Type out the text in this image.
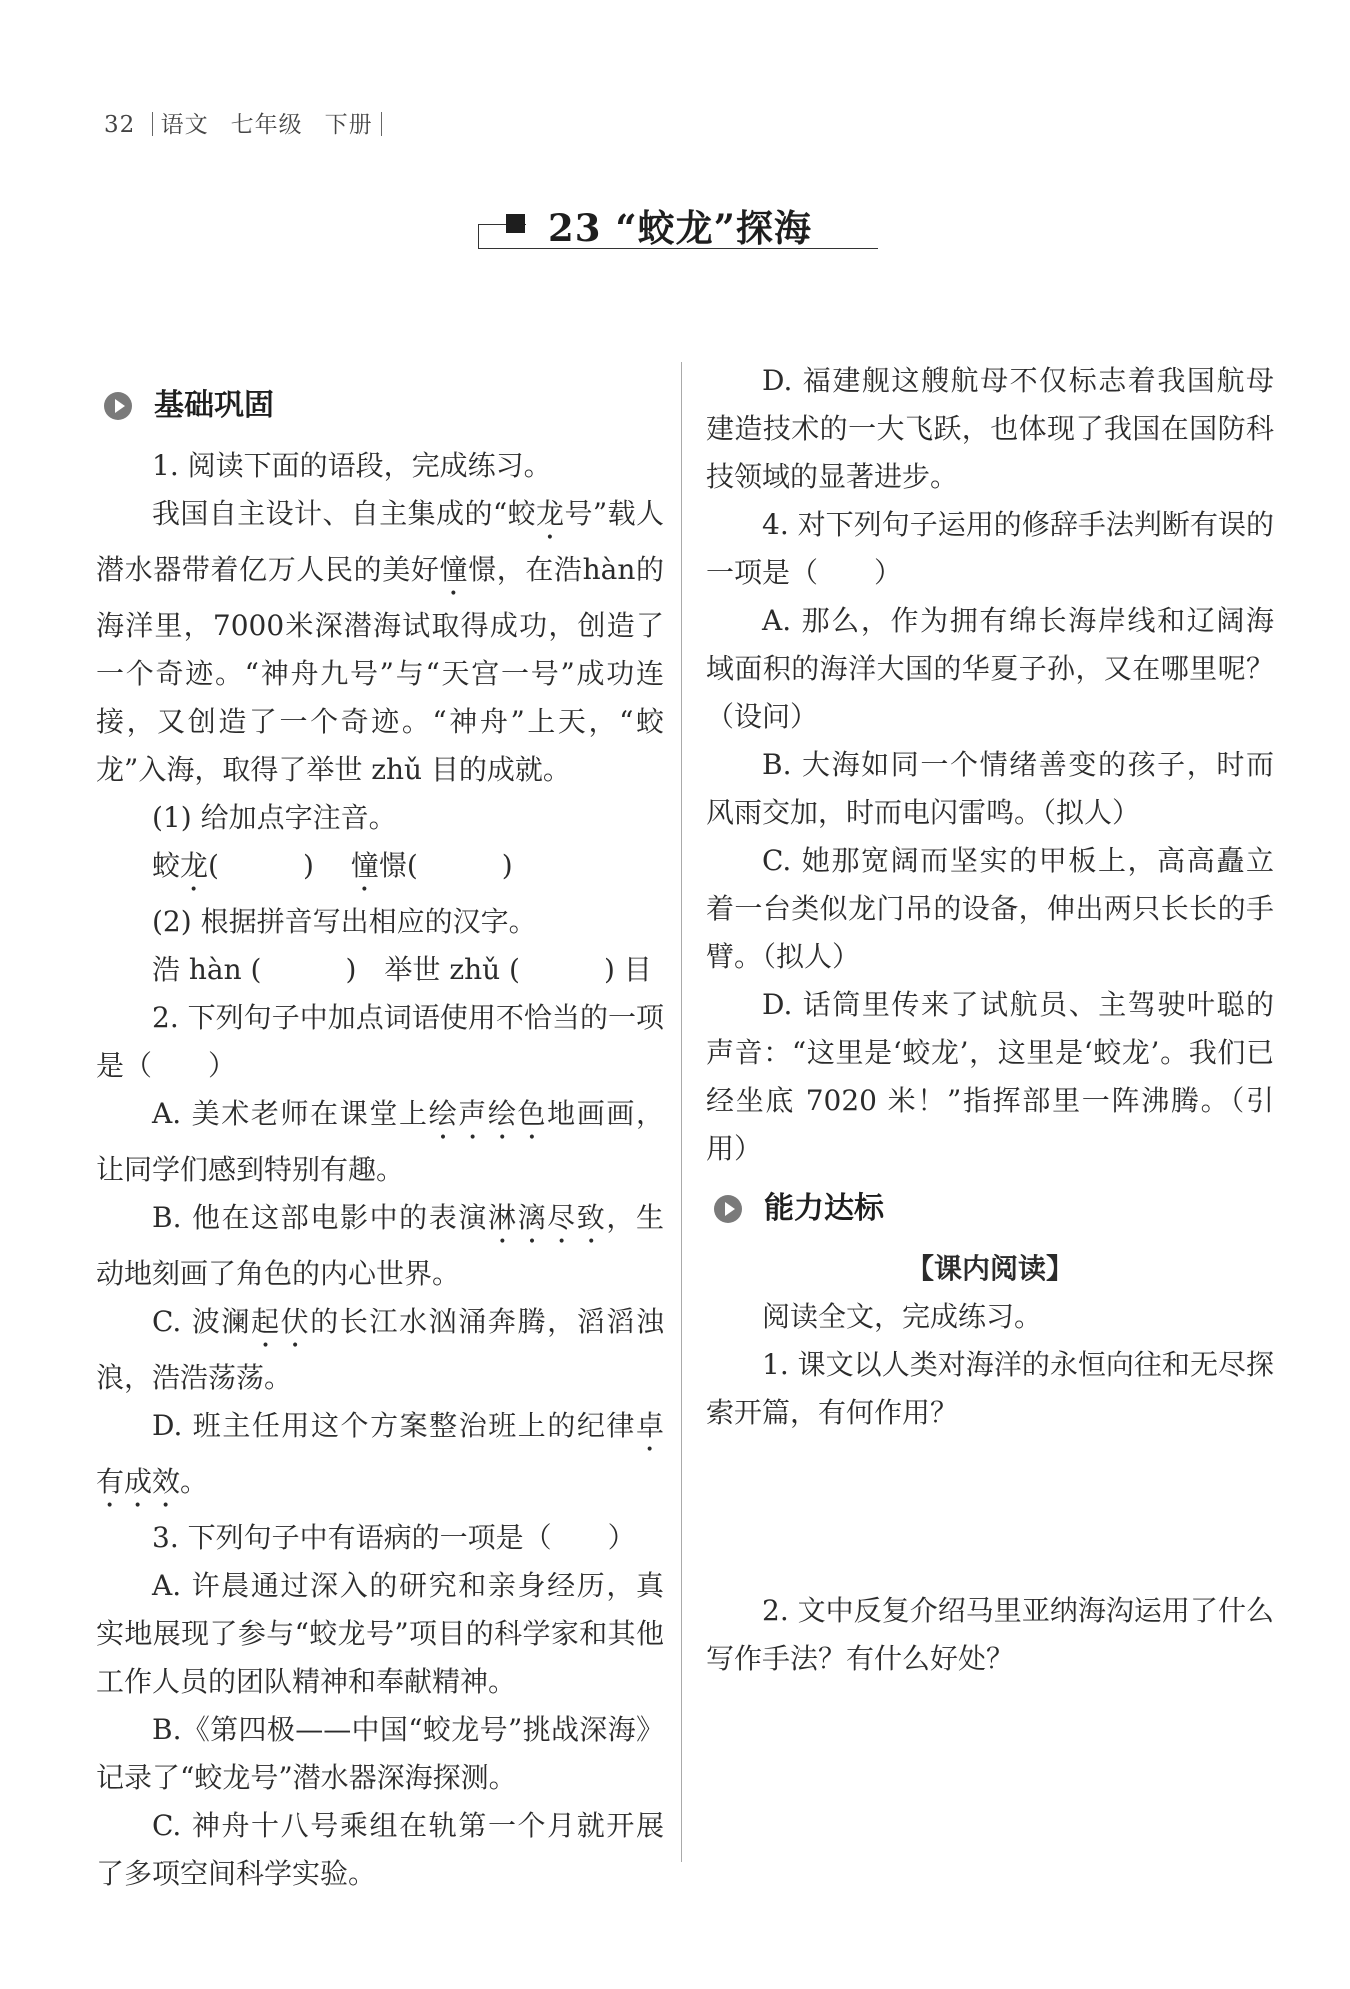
32 语文 七年级 下册
23 “蛟龙”探海
基础巩固

1. 阅读下面的语段，完成练习。

我国自主设计、自主集成的“蛟龙号”载人潜水器带着亿万人民的美好憧憬，在浩hàn的海洋里，7000米深潜海试取得成功，创造了一个奇迹。“神舟九号”与“天宫一号”成功连接，又创造了一个奇迹。“神舟”上天，“蛟龙”入海，取得了举世 zhǔ 目的成就。

(1) 给加点字注音。

蛟龙(　　　)   憧憬(　　　)

(2) 根据拼音写出相应的汉字。

浩 hàn (　　　)  举世 zhǔ (　　　) 目

2. 下列句子中加点词语使用不恰当的一项是（　　）

A. 美术老师在课堂上绘声绘色地画画，让同学们感到特别有趣。

B. 他在这部电影中的表演淋漓尽致，生动地刻画了角色的内心世界。

C. 波澜起伏的长江水汹涌奔腾，滔滔浊浪，浩浩荡荡。

D. 班主任用这个方案整治班上的纪律卓有成效。

3. 下列句子中有语病的一项是（　　）

A. 许晨通过深入的研究和亲身经历，真实地展现了参与“蛟龙号”项目的科学家和其他工作人员的团队精神和奉献精神。

B.《第四极——中国“蛟龙号”挑战深海》记录了“蛟龙号”潜水器深海探测。

C. 神舟十八号乘组在轨第一个月就开展了多项空间科学实验。

D. 福建舰这艘航母不仅标志着我国航母建造技术的一大飞跃，也体现了我国在国防科技领域的显著进步。

4. 对下列句子运用的修辞手法判断有误的一项是（　　）

A. 那么，作为拥有绵长海岸线和辽阔海域面积的海洋大国的华夏子孙，又在哪里呢？（设问）

B. 大海如同一个情绪善变的孩子，时而风雨交加，时而电闪雷鸣。（拟人）

C. 她那宽阔而坚实的甲板上，高高矗立着一台类似龙门吊的设备，伸出两只长长的手臂。（拟人）

D. 话筒里传来了试航员、主驾驶叶聪的声音：“这里是‘蛟龙’，这里是‘蛟龙’。我们已经坐底 7020 米！”指挥部里一阵沸腾。（引用）

能力达标

【课内阅读】

阅读全文，完成练习。

1. 课文以人类对海洋的永恒向往和无尽探索开篇，有何作用？

2. 文中反复介绍马里亚纳海沟运用了什么写作手法？有什么好处？
